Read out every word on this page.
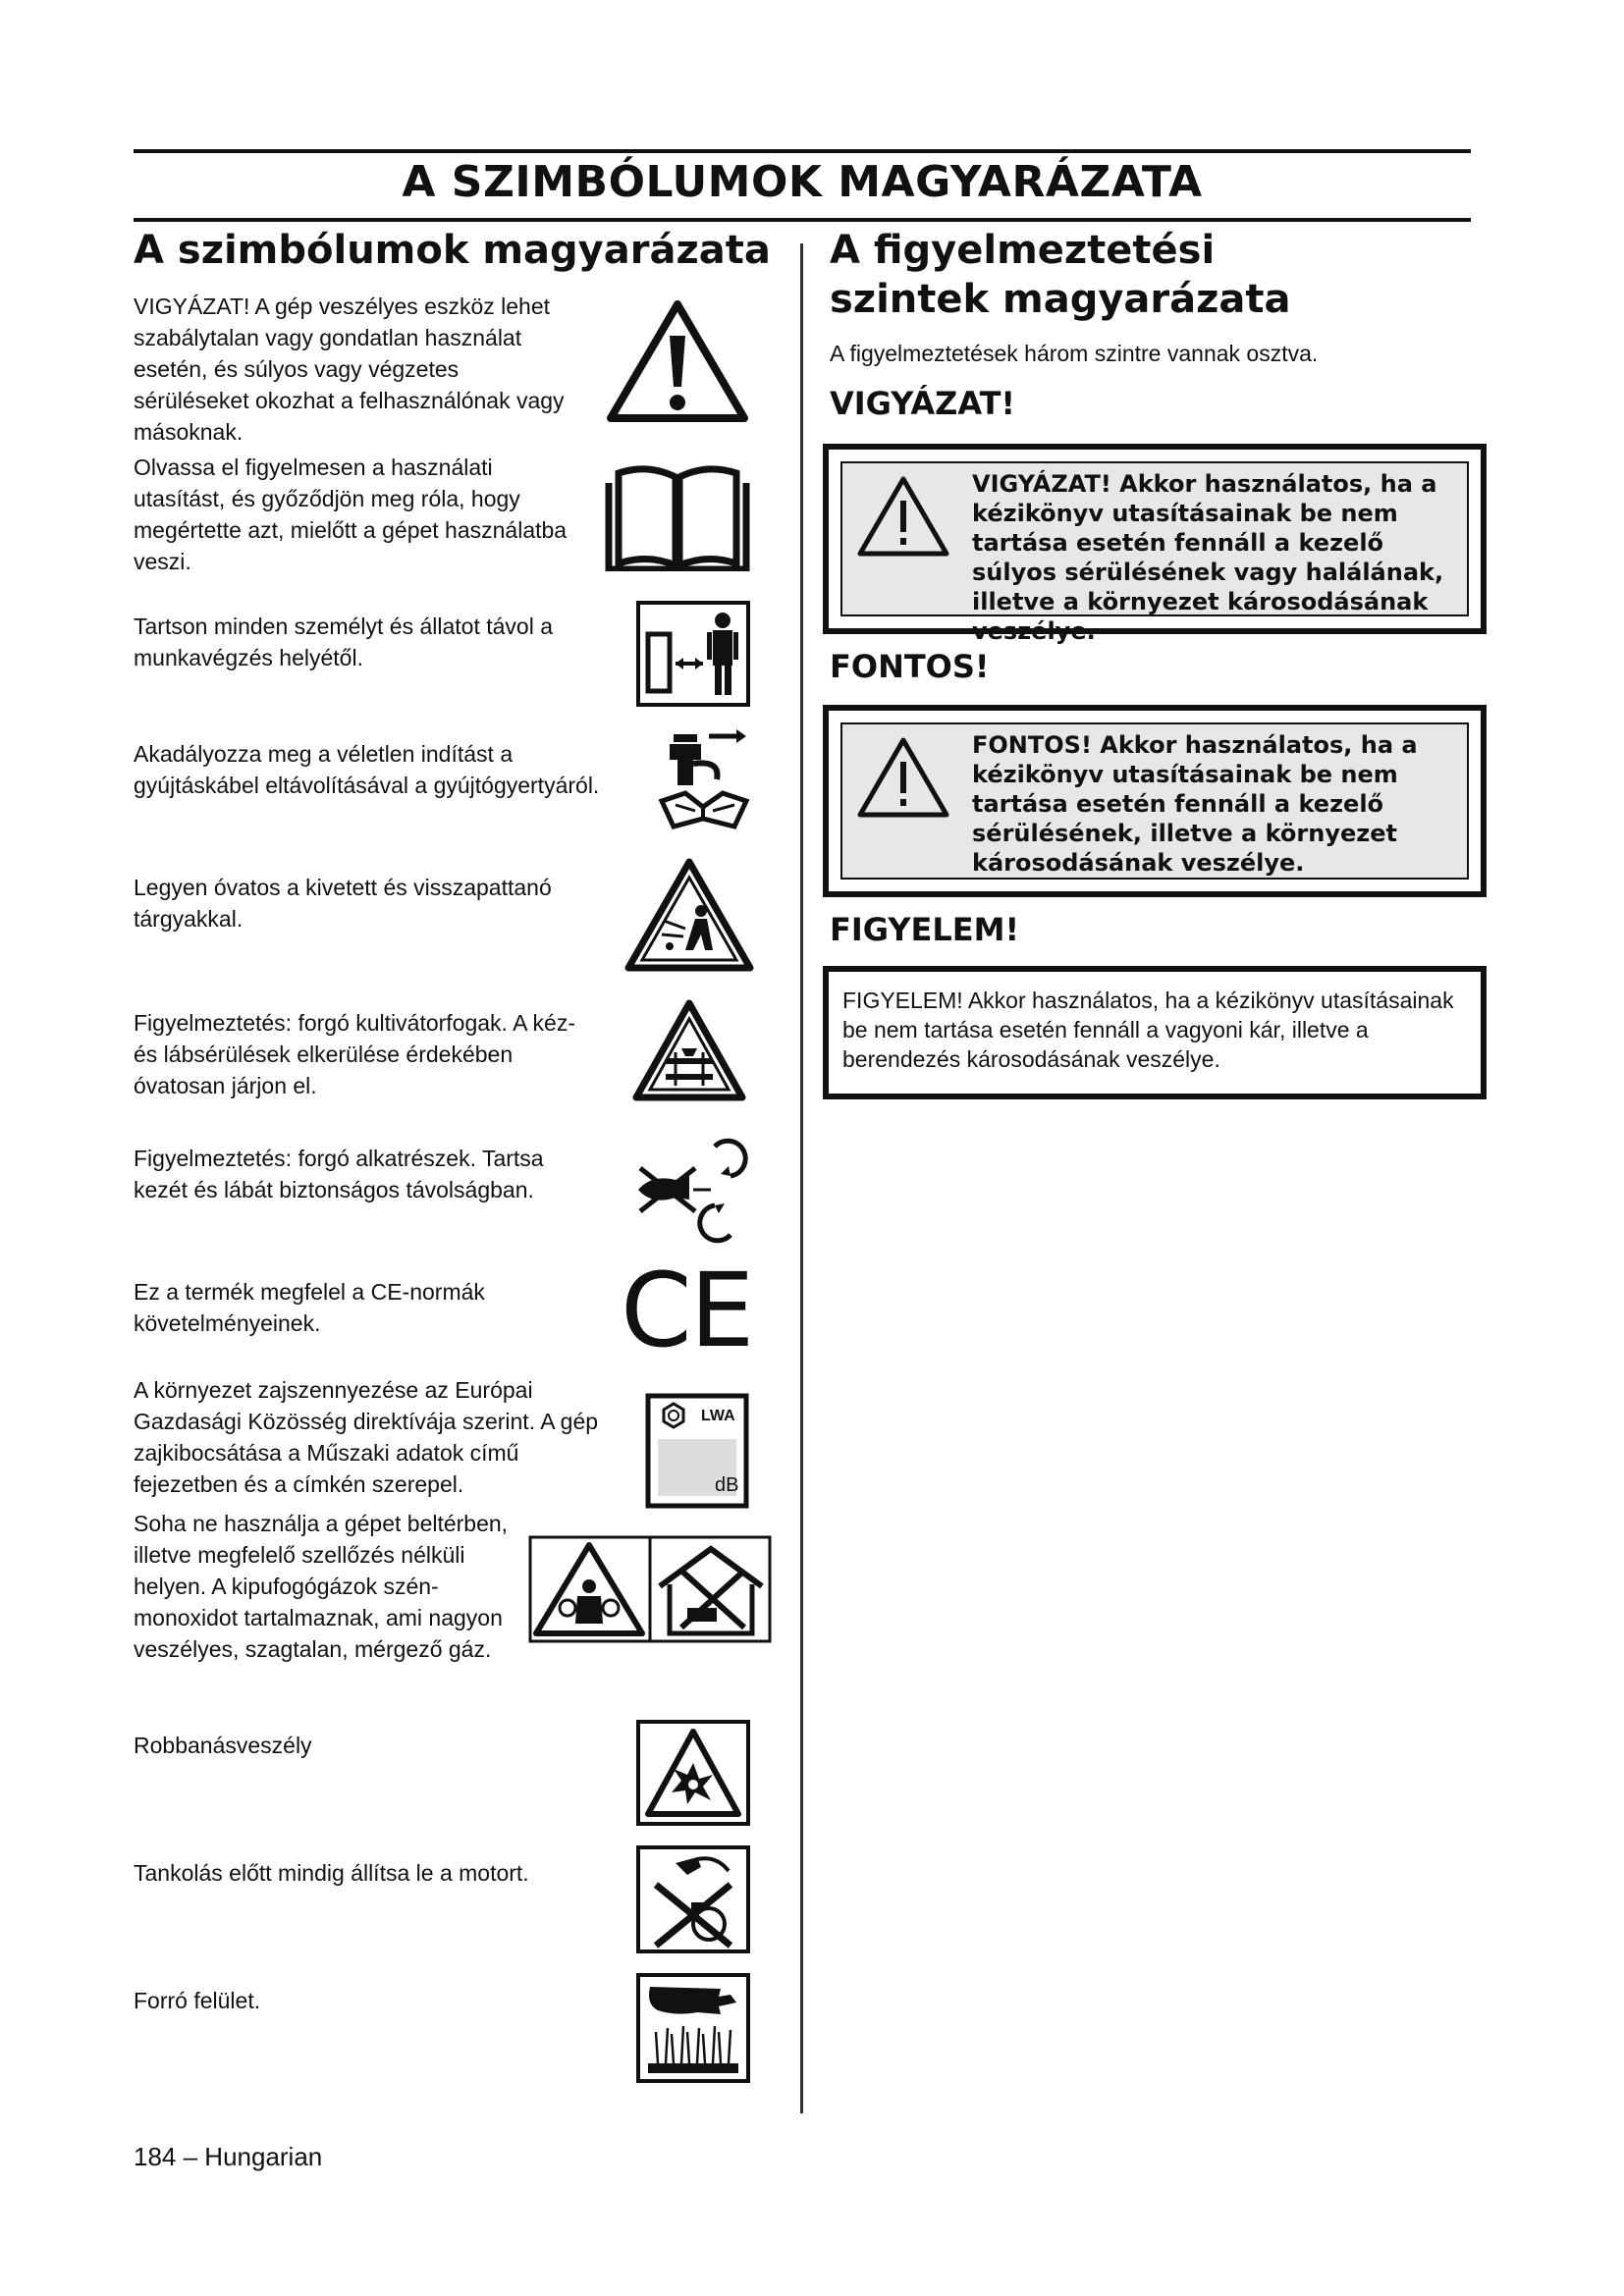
A SZIMBÓLUMOK MAGYARÁZATA
A szimbólumok magyarázata

VIGYÁZAT! A gép veszélyes eszköz lehet szabálytalan vagy gondatlan használat esetén, és súlyos vagy végzetes sérüléseket okozhat a felhasználónak vagy másoknak.

Olvassa el figyelmesen a használati utasítást, és győződjön meg róla, hogy megértette azt, mielőtt a gépet használatba veszi.

Tartson minden személyt és állatot távol a munkavégzés helyétől.

Akadályozza meg a véletlen indítást a gyújtáskábel eltávolításával a gyújtógyertyáról.

Legyen óvatos a kivetett és visszapattanó tárgyakkal.

Figyelmeztetés: forgó kultivátorfogak. A kéz- és lábsérülések elkerülése érdekében óvatosan járjon el.

Figyelmeztetés: forgó alkatrészek. Tartsa kezét és lábát biztonságos távolságban.

Ez a termék megfelel a CE-normák követelményeinek.	CE

A környezet zajszennyezése az Európai Gazdasági Közösség direktívája szerint. A gép zajkibocsátása a Műszaki adatok című fejezetben és a címkén szerepel.

LWA
dB

Soha ne használja a gépet beltérben, illetve megfelelő szellőzés nélküli helyen. A kipufogógázok szén-monoxidot tartalmaznak, ami nagyon veszélyes, szagtalan, mérgező gáz.

Robbanásveszély

Tankolás előtt mindig állítsa le a motort.

Forró felület.

A figyelmeztetési szintek magyarázata

A figyelmeztetések három szintre vannak osztva.

VIGYÁZAT!

VIGYÁZAT! Akkor használatos, ha a kézikönyv utasításainak be nem tartása esetén fennáll a kezelő súlyos sérülésének vagy halálának, illetve a környezet károsodásának veszélye.

FONTOS!

FONTOS! Akkor használatos, ha a kézikönyv utasításainak be nem tartása esetén fennáll a kezelő sérülésének, illetve a környezet károsodásának veszélye.

FIGYELEM!

FIGYELEM! Akkor használatos, ha a kézikönyv utasításainak be nem tartása esetén fennáll a vagyoni kár, illetve a berendezés károsodásának veszélye.

184 – Hungarian
